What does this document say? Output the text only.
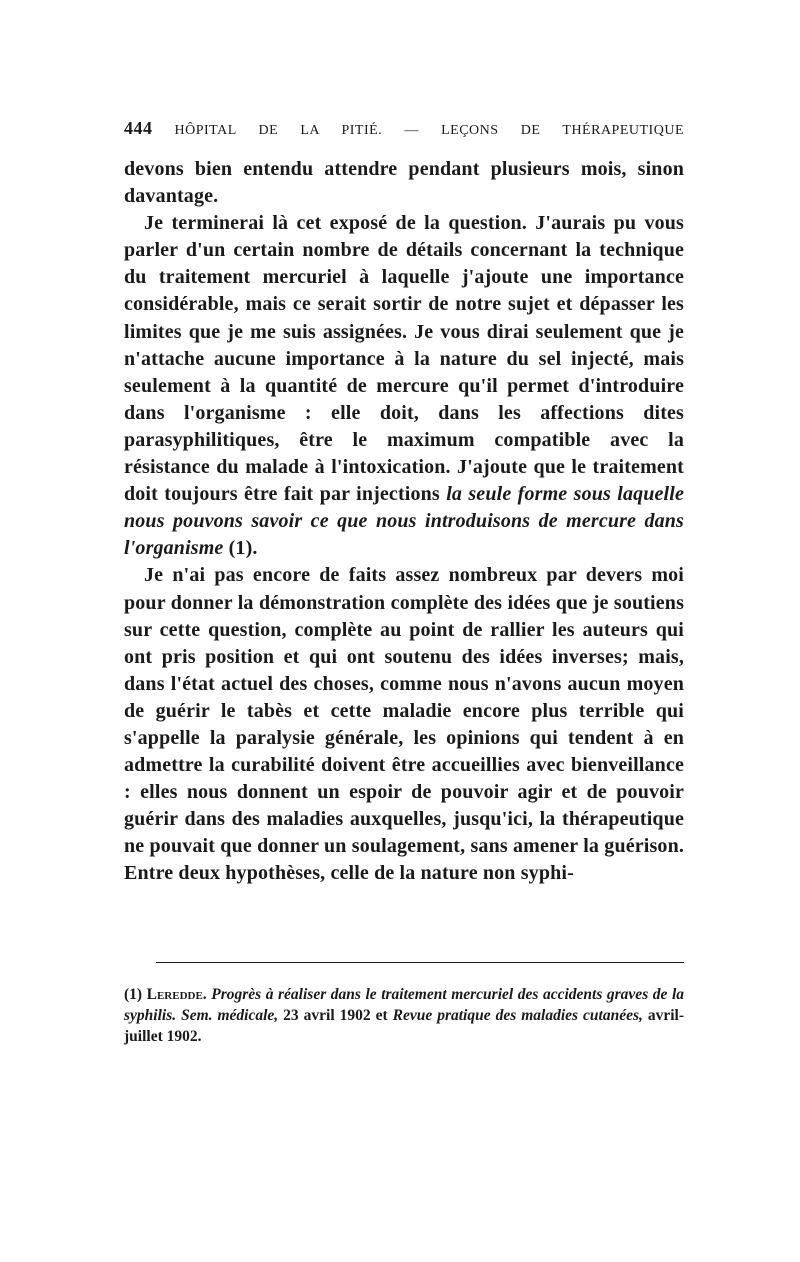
444 HÔPITAL DE LA PITIÉ. — LEÇONS DE THÉRAPEUTIQUE

devons bien entendu attendre pendant plusieurs mois, sinon davantage.

Je terminerai là cet exposé de la question. J'aurais pu vous parler d'un certain nombre de détails concernant la technique du traitement mercuriel à laquelle j'ajoute une importance considérable, mais ce serait sortir de notre sujet et dépasser les limites que je me suis assignées. Je vous dirai seulement que je n'attache aucune importance à la nature du sel injecté, mais seulement à la quantité de mercure qu'il permet d'introduire dans l'organisme : elle doit, dans les affections dites parasyphilitiques, être le maximum compatible avec la résistance du malade à l'intoxication. J'ajoute que le traitement doit toujours être fait par injections la seule forme sous laquelle nous pouvons savoir ce que nous introduisons de mercure dans l'organisme (1).

Je n'ai pas encore de faits assez nombreux par devers moi pour donner la démonstration complète des idées que je soutiens sur cette question, complète au point de rallier les auteurs qui ont pris position et qui ont soutenu des idées inverses; mais, dans l'état actuel des choses, comme nous n'avons aucun moyen de guérir le tabès et cette maladie encore plus terrible qui s'appelle la paralysie générale, les opinions qui tendent à en admettre la curabilité doivent être accueillies avec bienveillance : elles nous donnent un espoir de pouvoir agir et de pouvoir guérir dans des maladies auxquelles, jusqu'ici, la thérapeutique ne pouvait que donner un soulagement, sans amener la guérison. Entre deux hypothèses, celle de la nature non syphi-

(1) Leredde. Progrès à réaliser dans le traitement mercuriel des accidents graves de la syphilis. Sem. médicale, 23 avril 1902 et Revue pratique des maladies cutanées, avril-juillet 1902.
